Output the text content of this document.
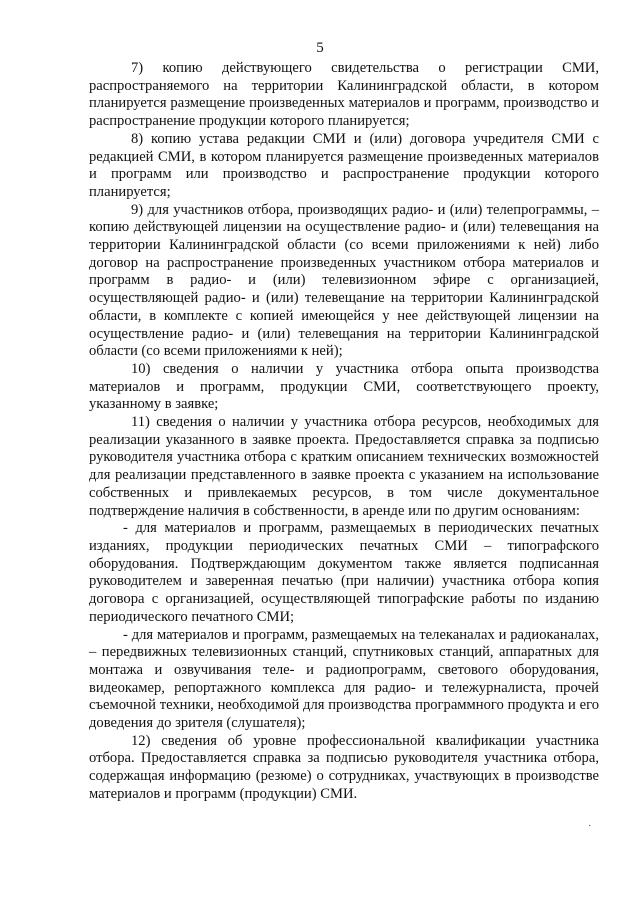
5

7) копию действующего свидетельства о регистрации СМИ, распространяемого на территории Калининградской области, в котором планируется размещение произведенных материалов и программ, производство и распространение продукции которого планируется;

8) копию устава редакции СМИ и (или) договора учредителя СМИ с редакцией СМИ, в котором планируется размещение произведенных материалов и программ или производство и распространение продукции которого планируется;

9) для участников отбора, производящих радио- и (или) телепрограммы, – копию действующей лицензии на осуществление радио- и (или) телевещания на территории Калининградской области (со всеми приложениями к ней) либо договор на распространение произведенных участником отбора материалов и программ в радио- и (или) телевизионном эфире с организацией, осуществляющей радио- и (или) телевещание на территории Калининградской области, в комплекте с копией имеющейся у нее действующей лицензии на осуществление радио- и (или) телевещания на территории Калининградской области (со всеми приложениями к ней);

10) сведения о наличии у участника отбора опыта производства материалов и программ, продукции СМИ, соответствующего проекту, указанному в заявке;

11) сведения о наличии у участника отбора ресурсов, необходимых для реализации указанного в заявке проекта. Предоставляется справка за подписью руководителя участника отбора с кратким описанием технических возможностей для реализации представленного в заявке проекта с указанием на использование собственных и привлекаемых ресурсов, в том числе документальное подтверждение наличия в собственности, в аренде или по другим основаниям:

- для материалов и программ, размещаемых в периодических печатных изданиях, продукции периодических печатных СМИ – типографского оборудования. Подтверждающим документом также является подписанная руководителем и заверенная печатью (при наличии) участника отбора копия договора с организацией, осуществляющей типографские работы по изданию периодического печатного СМИ;

- для материалов и программ, размещаемых на телеканалах и радиоканалах, – передвижных телевизионных станций, спутниковых станций, аппаратных для монтажа и озвучивания теле- и радиопрограмм, светового оборудования, видеокамер, репортажного комплекса для радио- и тележурналиста, прочей съемочной техники, необходимой для производства программного продукта и его доведения до зрителя (слушателя);

12) сведения об уровне профессиональной квалификации участника отбора. Предоставляется справка за подписью руководителя участника отбора, содержащая информацию (резюме) о сотрудниках, участвующих в производстве материалов и программ (продукции) СМИ.

˙
